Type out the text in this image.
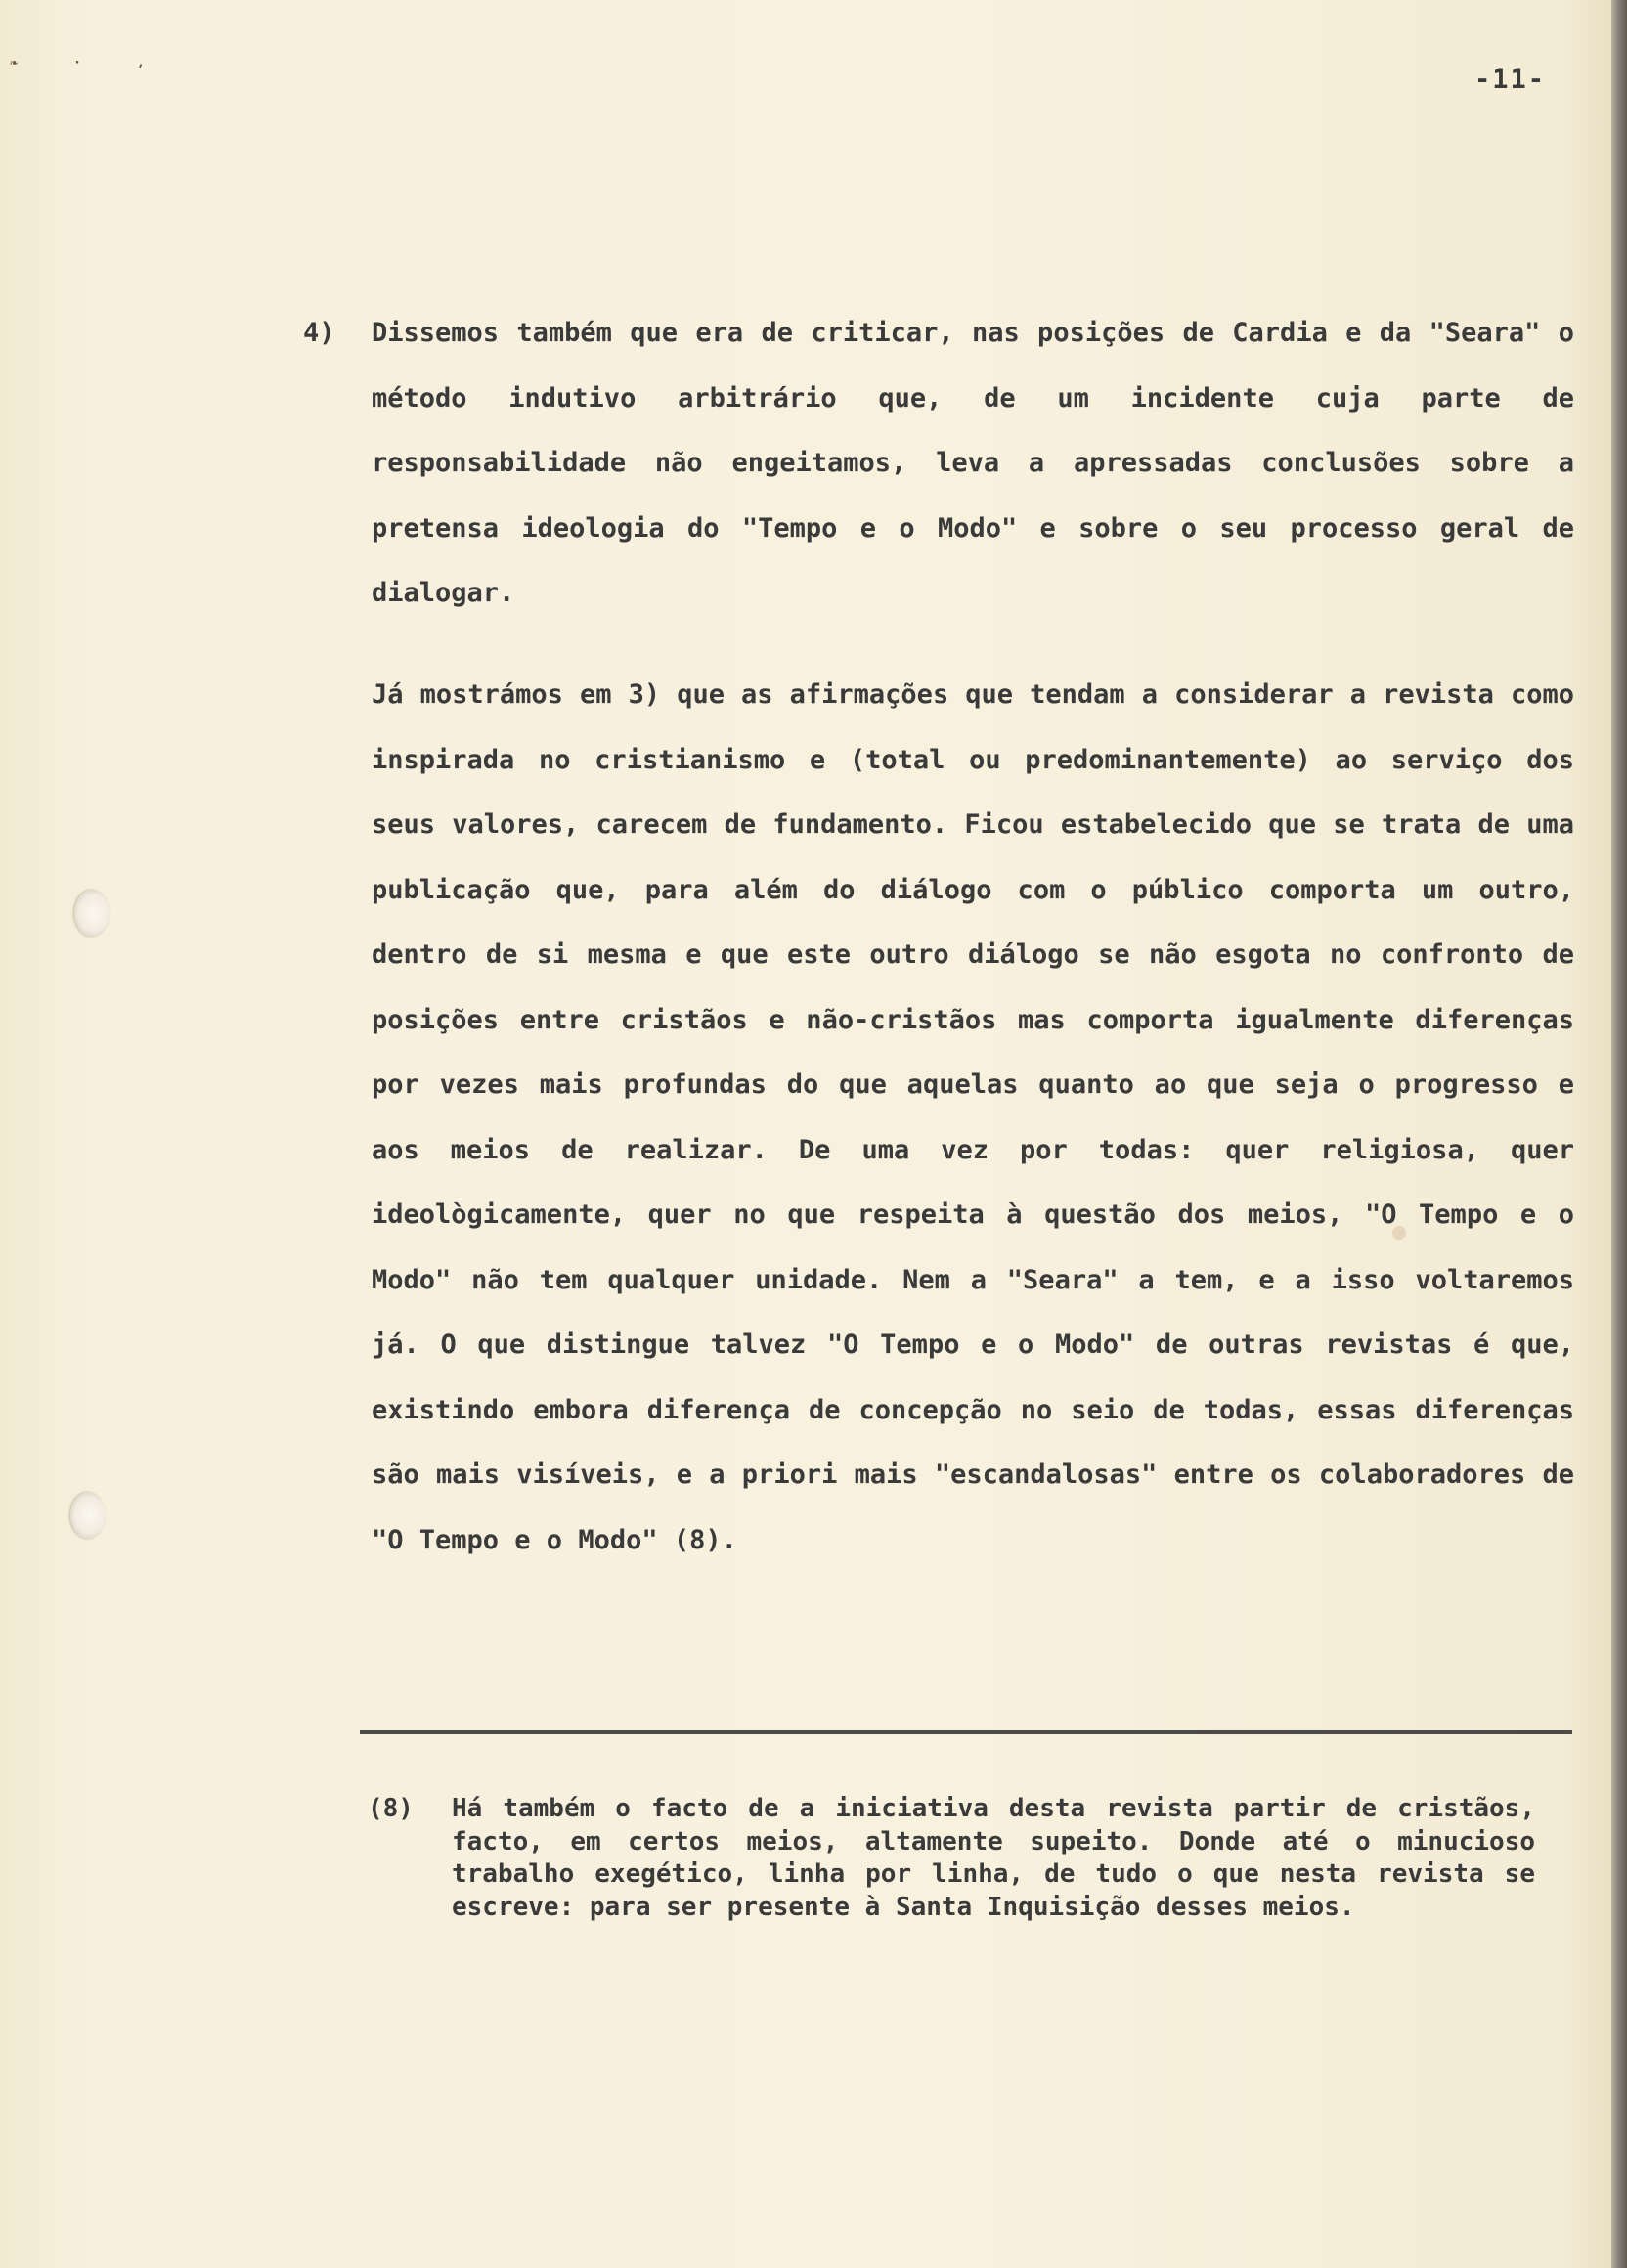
❧ · ,
-11-
4) Dissemos também que era de criticar, nas posições de Cardia e da "Seara" o método indutivo arbitrário que, de um incidente cuja parte de responsabilidade não engeitamos, leva a apressadas conclusões sobre a pretensa ideologia do "Tempo e o Modo" e sobre o seu processo geral de dialogar.

Já mostrámos em 3) que as afirmações que tendam a considerar a revista como inspirada no cristianismo e (total ou predominantemente) ao serviço dos seus valores, carecem de fundamento. Ficou estabelecido que se trata de uma publicação que, para além do diálogo com o público comporta um outro, dentro de si mesma e que este outro diálogo se não esgota no confronto de posições entre cristãos e não-cristãos mas comporta igualmente diferenças por vezes mais profundas do que aquelas quanto ao que seja o progresso e aos meios de realizar. De uma vez por todas: quer religiosa, quer ideològicamente, quer no que respeita à questão dos meios, "O Tempo e o Modo" não tem qualquer unidade. Nem a "Seara" a tem, e a isso voltaremos já. O que distingue talvez "O Tempo e o Modo" de outras revistas é que, existindo embora diferença de concepção no seio de todas, essas diferenças são mais visíveis, e a priori mais "escandalosas" entre os colaboradores de "O Tempo e o Modo" (8).

(8) Há também o facto de a iniciativa desta revista partir de cristãos, facto, em certos meios, altamente supeito. Donde até o minucioso trabalho exegético, linha por linha, de tudo o que nesta revista se escreve: para ser presente à Santa Inquisição desses meios.
